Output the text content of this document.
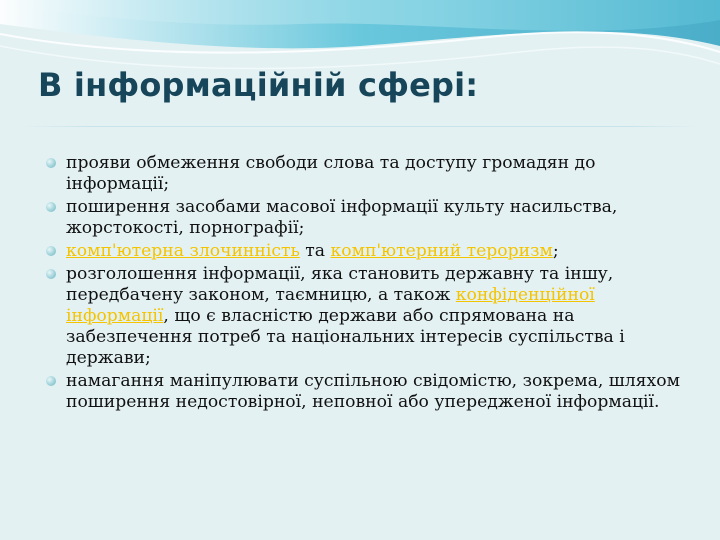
В інформаційній сфері:
прояви обмеження свободи слова та доступу громадян до інформації;
поширення засобами масової інформації культу насильства, жорстокості, порнографії;
комп'ютерна злочинність та комп'ютерний тероризм;
розголошення інформації, яка становить державну та іншу, передбачену законом, таємницю, а також конфіденційної інформації, що є власністю держави або спрямована на забезпечення потреб та національних інтересів суспільства і держави;
намагання маніпулювати суспільною свідомістю, зокрема, шляхом поширення недостовірної, неповної або упередженої інформації.
